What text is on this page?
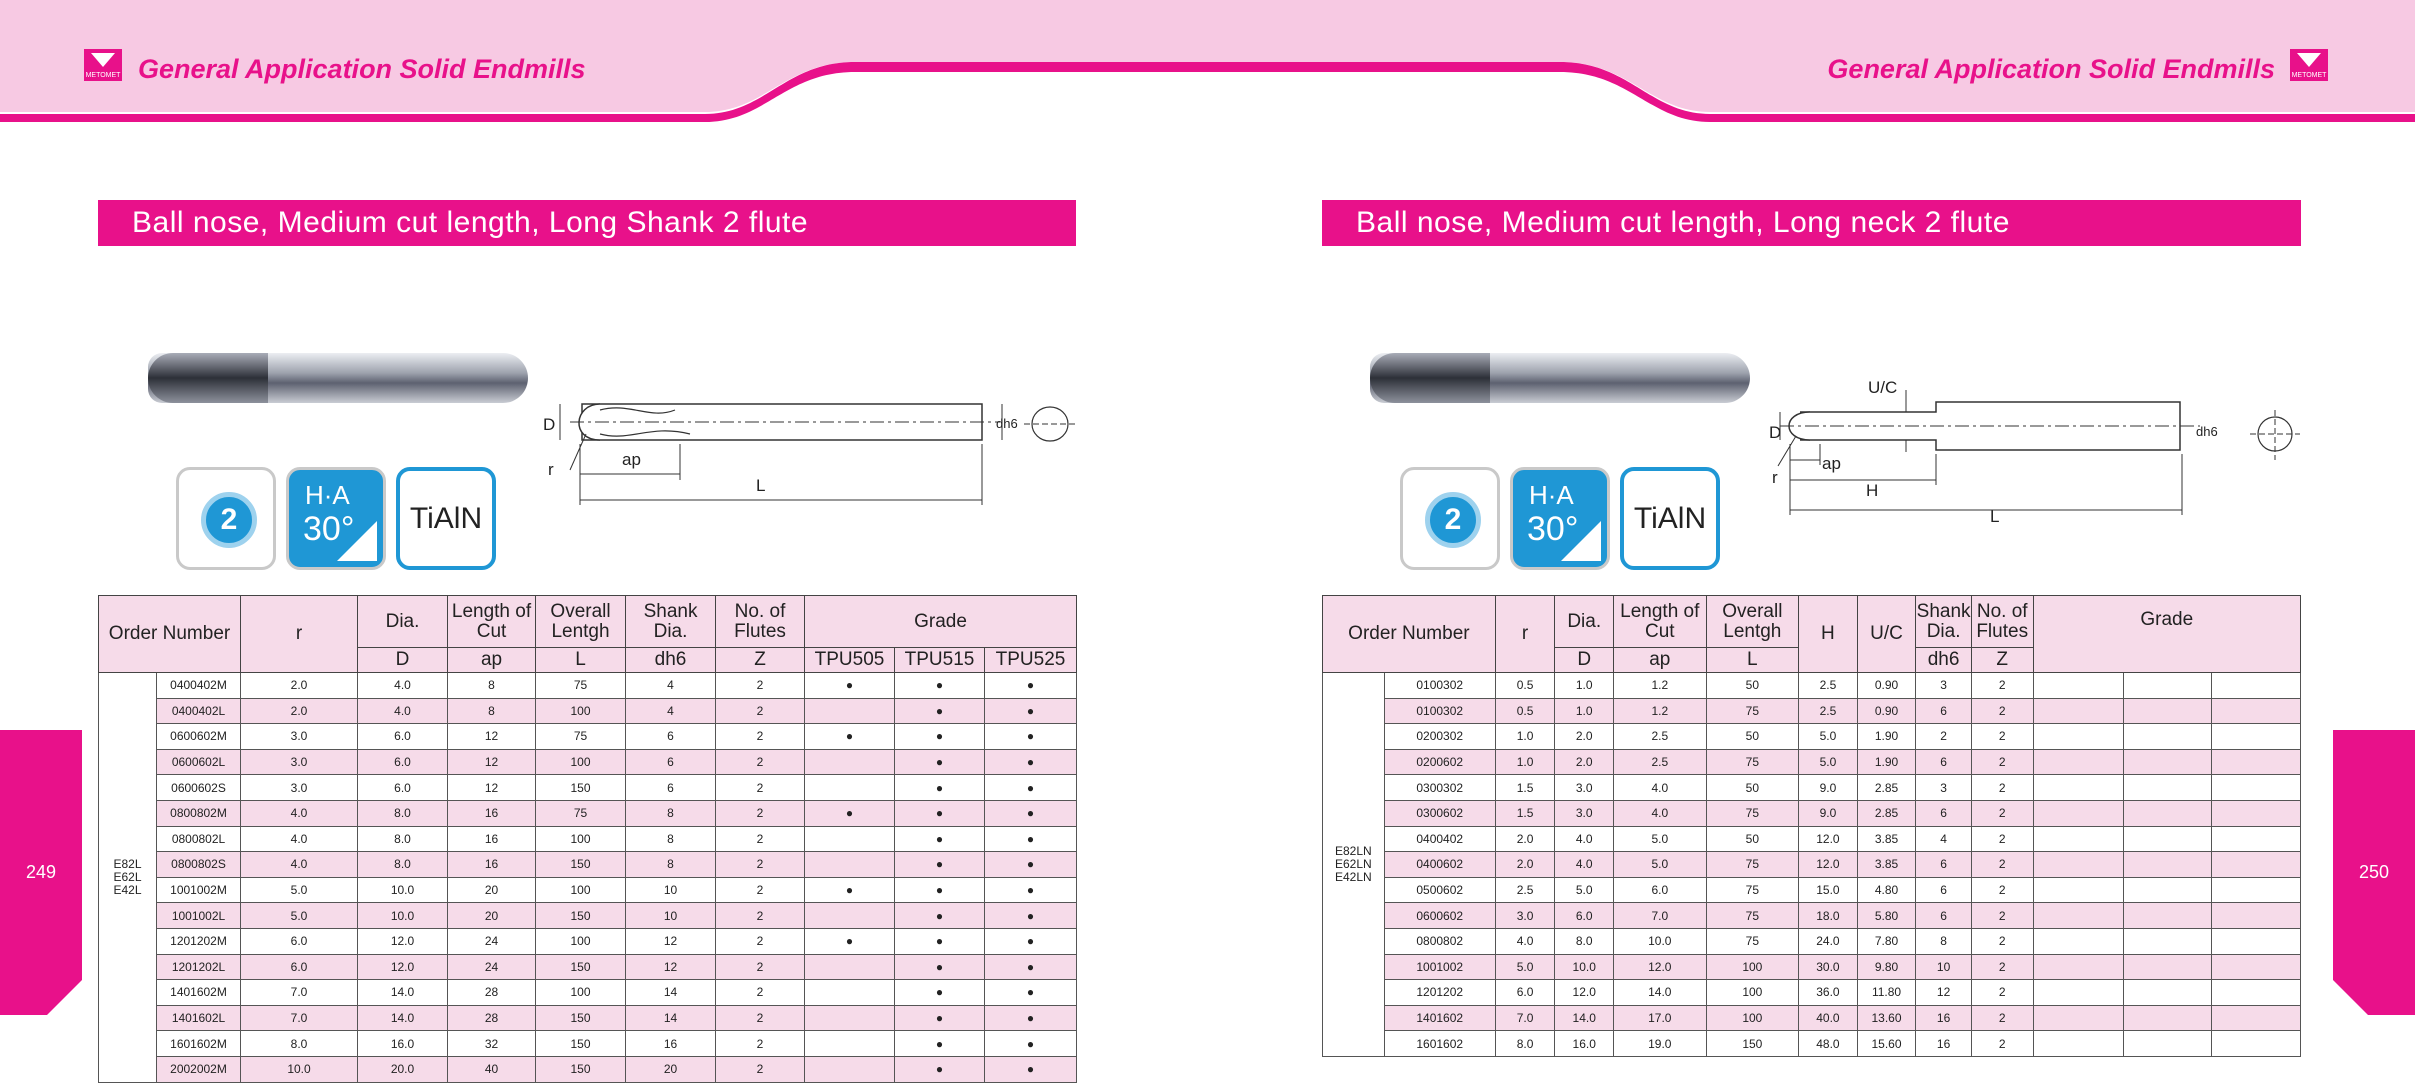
METOMET General Application Solid Endmills	General Application Solid Endmills METOMET
249	250
Ball nose, Medium cut length, Long Shank 2 flute	Ball nose, Medium cut length, Long neck 2 flute
2
H·A
30°	TiAlN
D
r
ap
L
dh6
Order Number		r	Dia.	Length of Cut	Overall Lentgh	Shank Dia.	No. of Flutes	Grade		
			D	ap	L	dh6	Z	TPU505	TPU515	TPU525
E82L
E62L
E42L	0400402M	2.0	4.0	8	75	4	2	●	●	●
	0400402L	2.0	4.0	8	100	4	2		●	●
	0600602M	3.0	6.0	12	75	6	2	●	●	●
	0600602L	3.0	6.0	12	100	6	2		●	●
	0600602S	3.0	6.0	12	150	6	2		●	●
	0800802M	4.0	8.0	16	75	8	2	●	●	●
	0800802L	4.0	8.0	16	100	8	2		●	●
	0800802S	4.0	8.0	16	150	8	2		●	●
	1001002M	5.0	10.0	20	100	10	2	●	●	●
	1001002L	5.0	10.0	20	150	10	2		●	●
	1201202M	6.0	12.0	24	100	12	2	●	●	●
	1201202L	6.0	12.0	24	150	12	2		●	●
	1401602M	7.0	14.0	28	100	14	2		●	●
	1401602L	7.0	14.0	28	150	14	2		●	●
	1601602M	8.0	16.0	32	150	16	2		●	●
	2002002M	10.0	20.0	40	150	20	2		●	●
2
H·A
30°	TiAlN
U/C
D
r
ap
H
L
dh6
Order Number		r	Dia.	Length of Cut	Overall Lentgh	H	U/C	Shank Dia.	No. of Flutes	Grade		
			D	ap	L			dh6	Z			
E82LN
E62LN
E42LN	0100302	0.5	1.0	1.2	50	2.5	0.90	3	2			
	0100302	0.5	1.0	1.2	75	2.5	0.90	6	2			
	0200302	1.0	2.0	2.5	50	5.0	1.90	2	2			
	0200602	1.0	2.0	2.5	75	5.0	1.90	6	2			
	0300302	1.5	3.0	4.0	50	9.0	2.85	3	2			
	0300602	1.5	3.0	4.0	75	9.0	2.85	6	2			
	0400402	2.0	4.0	5.0	50	12.0	3.85	4	2			
	0400602	2.0	4.0	5.0	75	12.0	3.85	6	2			
	0500602	2.5	5.0	6.0	75	15.0	4.80	6	2			
	0600602	3.0	6.0	7.0	75	18.0	5.80	6	2			
	0800802	4.0	8.0	10.0	75	24.0	7.80	8	2			
	1001002	5.0	10.0	12.0	100	30.0	9.80	10	2			
	1201202	6.0	12.0	14.0	100	36.0	11.80	12	2			
	1401602	7.0	14.0	17.0	100	40.0	13.60	16	2			
	1601602	8.0	16.0	19.0	150	48.0	15.60	16	2			
